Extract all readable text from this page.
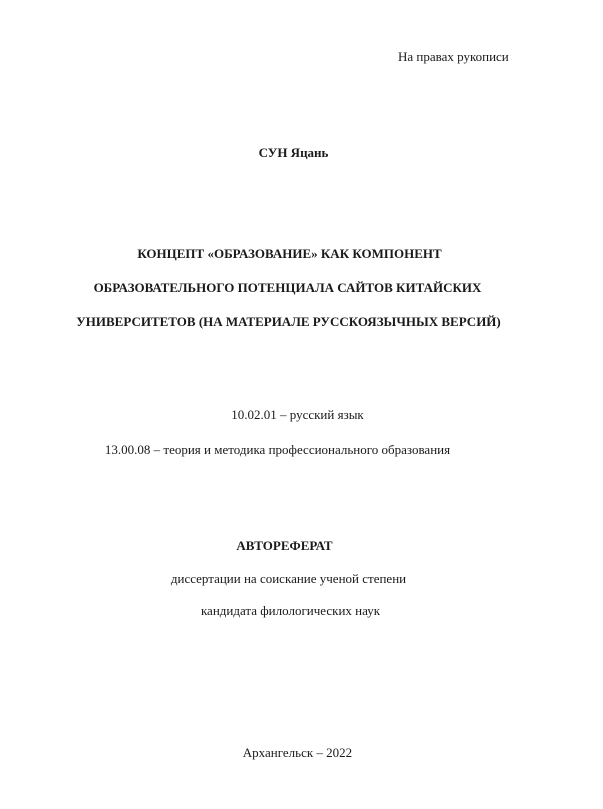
На правах рукописи
СУН Яцань
КОНЦЕПТ «ОБРАЗОВАНИЕ» КАК КОМПОНЕНТ
ОБРАЗОВАТЕЛЬНОГО ПОТЕНЦИАЛА САЙТОВ КИТАЙСКИХ
УНИВЕРСИТЕТОВ (НА МАТЕРИАЛЕ РУССКОЯЗЫЧНЫХ ВЕРСИЙ)
10.02.01 – русский язык
13.00.08 – теория и методика профессионального образования
АВТОРЕФЕРАТ
диссертации на соискание ученой степени
кандидата филологических наук
Архангельск – 2022
